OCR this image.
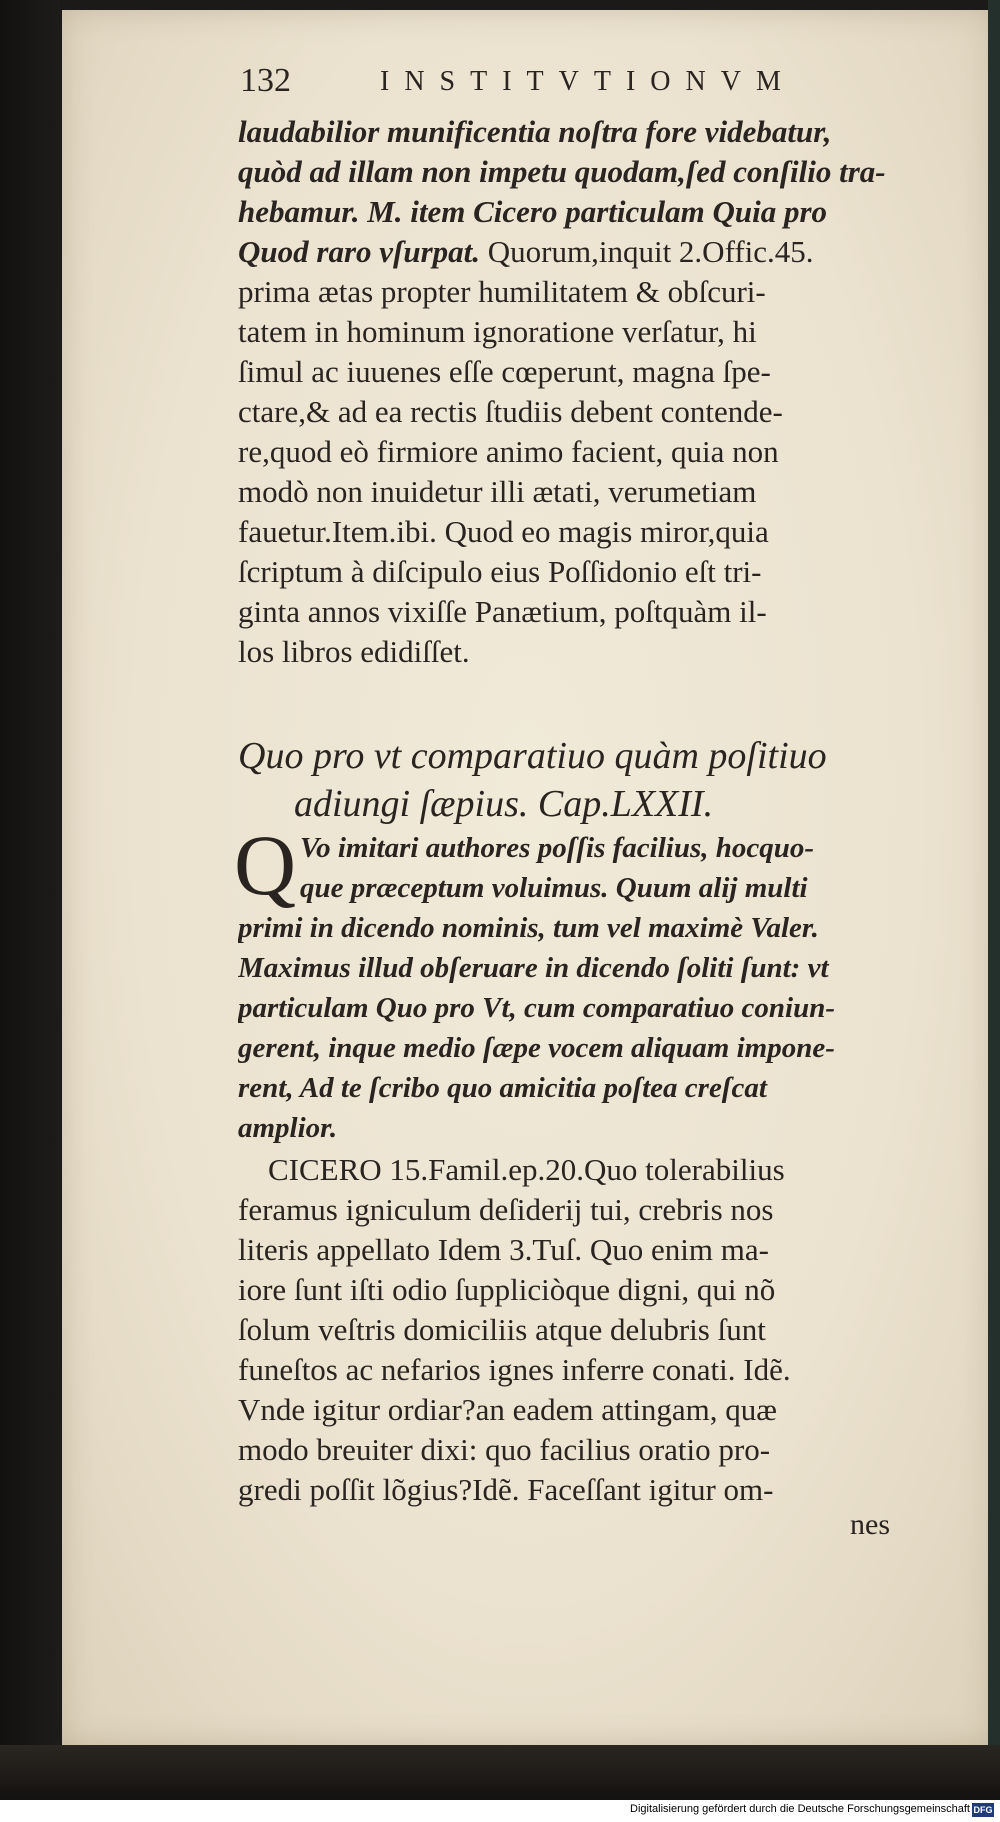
132	INSTITVTIONVM
laudabilior munificentia noſtra fore videbatur,
quòd ad illam non impetu quodam,ſed conſilio tra-
hebamur. M. item Cicero particulam Quia pro
Quod raro vſurpat. Quorum,inquit 2.Offic.45.
prima ætas propter humilitatem & obſcuri-
tatem in hominum ignoratione verſatur, hi
ſimul ac iuuenes eſſe cœperunt, magna ſpe-
ctare,& ad ea rectis ſtudiis debent contende-
re,quod eò firmiore animo facient, quia non
modò non inuidetur illi ætati, verumetiam
fauetur.Item.ibi. Quod eo magis miror,quia
ſcriptum à diſcipulo eius Poſſidonio eſt tri-
ginta annos vixiſſe Panætium, poſtquàm il-
los libros edidiſſet.
Quo pro vt comparatiuo quàm poſitiuo
adiungi ſæpius. Cap.LXXII.
Q Vo imitari authores poſſis facilius, hocquo-
que præceptum voluimus. Quum alij multi
primi in dicendo nominis, tum vel maximè Valer.
Maximus illud obſeruare in dicendo ſoliti ſunt: vt
particulam Quo pro Vt, cum comparatiuo coniun-
gerent, inque medio ſæpe vocem aliquam impone-
rent, Ad te ſcribo quo amicitia poſtea creſcat
amplior.
CICERO 15.Famil.ep.20.Quo tolerabilius
feramus igniculum deſiderij tui, crebris nos
literis appellato Idem 3.Tuſ. Quo enim ma-
iore ſunt iſti odio ſuppliciòque digni, qui nõ
ſolum veſtris domiciliis atque delubris ſunt
funeſtos ac nefarios ignes inferre conati. Idẽ.
Vnde igitur ordiar?an eadem attingam, quæ
modo breuiter dixi: quo facilius oratio pro-
gredi poſſit lõgius?Idẽ. Faceſſant igitur om-
nes
Digitalisierung gefördert durch die Deutsche Forschungsgemeinschaft DFG
